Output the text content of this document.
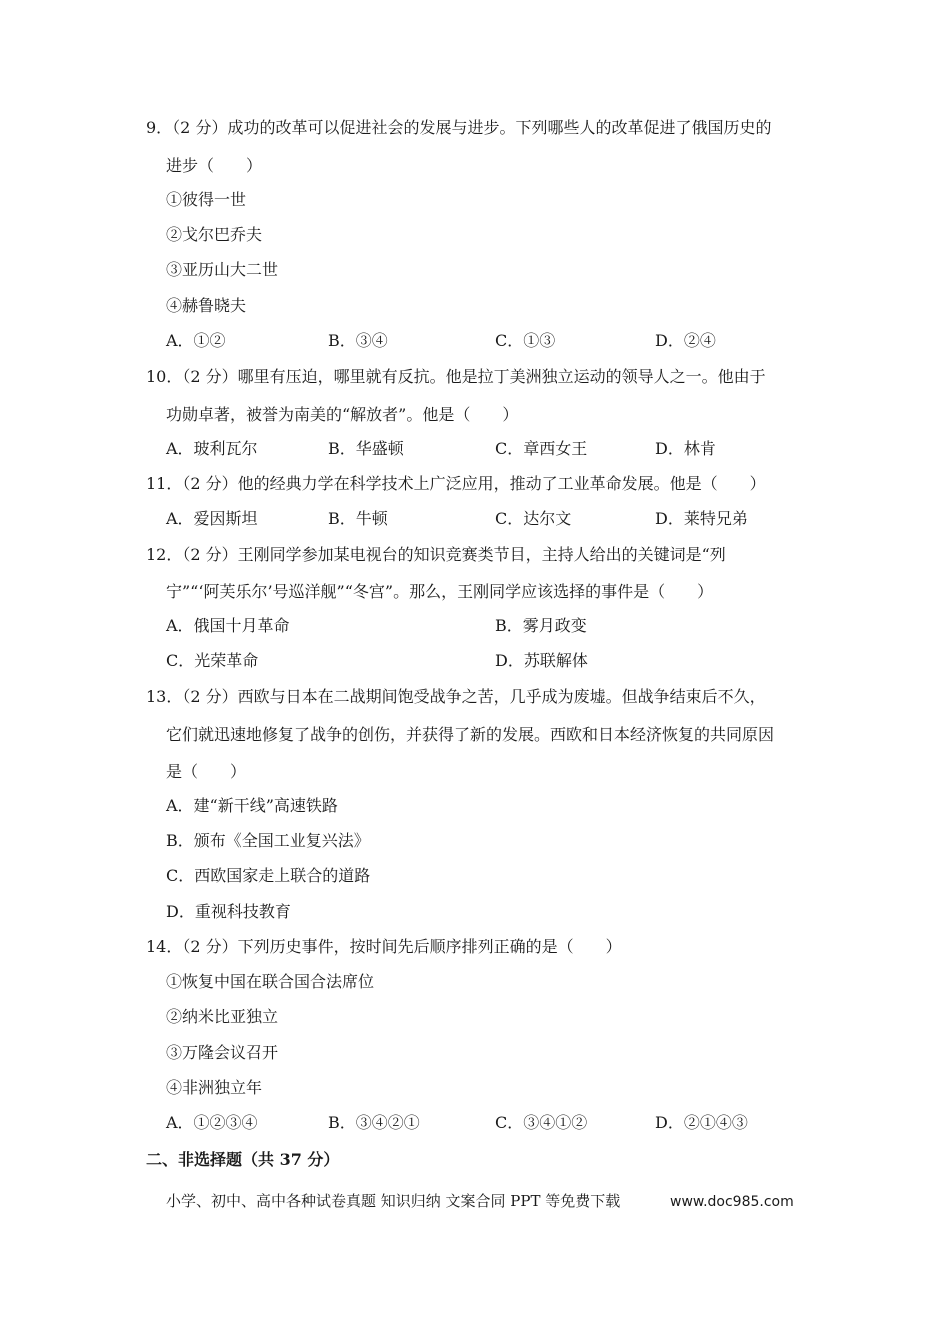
9．（2 分）成功的改革可以促进社会的发展与进步。下列哪些人的改革促进了俄国历史的
进步（　　）
①彼得一世
②戈尔巴乔夫
③亚历山大二世
④赫鲁晓夫
A．①②	B．③④	C．①③	D．②④
10．（2 分）哪里有压迫，哪里就有反抗。他是拉丁美洲独立运动的领导人之一。他由于
功勋卓著，被誉为南美的“解放者”。他是（　　）
A．玻利瓦尔	B．华盛顿	C．章西女王	D．林肯
11．（2 分）他的经典力学在科学技术上广泛应用，推动了工业革命发展。他是（　　）
A．爱因斯坦	B．牛顿	C．达尔文	D．莱特兄弟
12．（2 分）王刚同学参加某电视台的知识竞赛类节目，主持人给出的关键词是“列
宁”“‘阿芙乐尔’号巡洋舰”“冬宫”。那么，王刚同学应该选择的事件是（　　）
A．俄国十月革命	B．雾月政变
C．光荣革命	D．苏联解体
13．（2 分）西欧与日本在二战期间饱受战争之苦，几乎成为废墟。但战争结束后不久，
它们就迅速地修复了战争的创伤，并获得了新的发展。西欧和日本经济恢复的共同原因
是（　　）
A．建“新干线”高速铁路
B．颁布《全国工业复兴法》
C．西欧国家走上联合的道路
D．重视科技教育
14．（2 分）下列历史事件，按时间先后顺序排列正确的是（　　）
①恢复中国在联合国合法席位
②纳米比亚独立
③万隆会议召开
④非洲独立年
A．①②③④	B．③④②①	C．③④①②	D．②①④③
二、非选择题（共 37 分）
小学、初中、高中各种试卷真题 知识归纳 文案合同 PPT 等免费下载	www.doc985.com
